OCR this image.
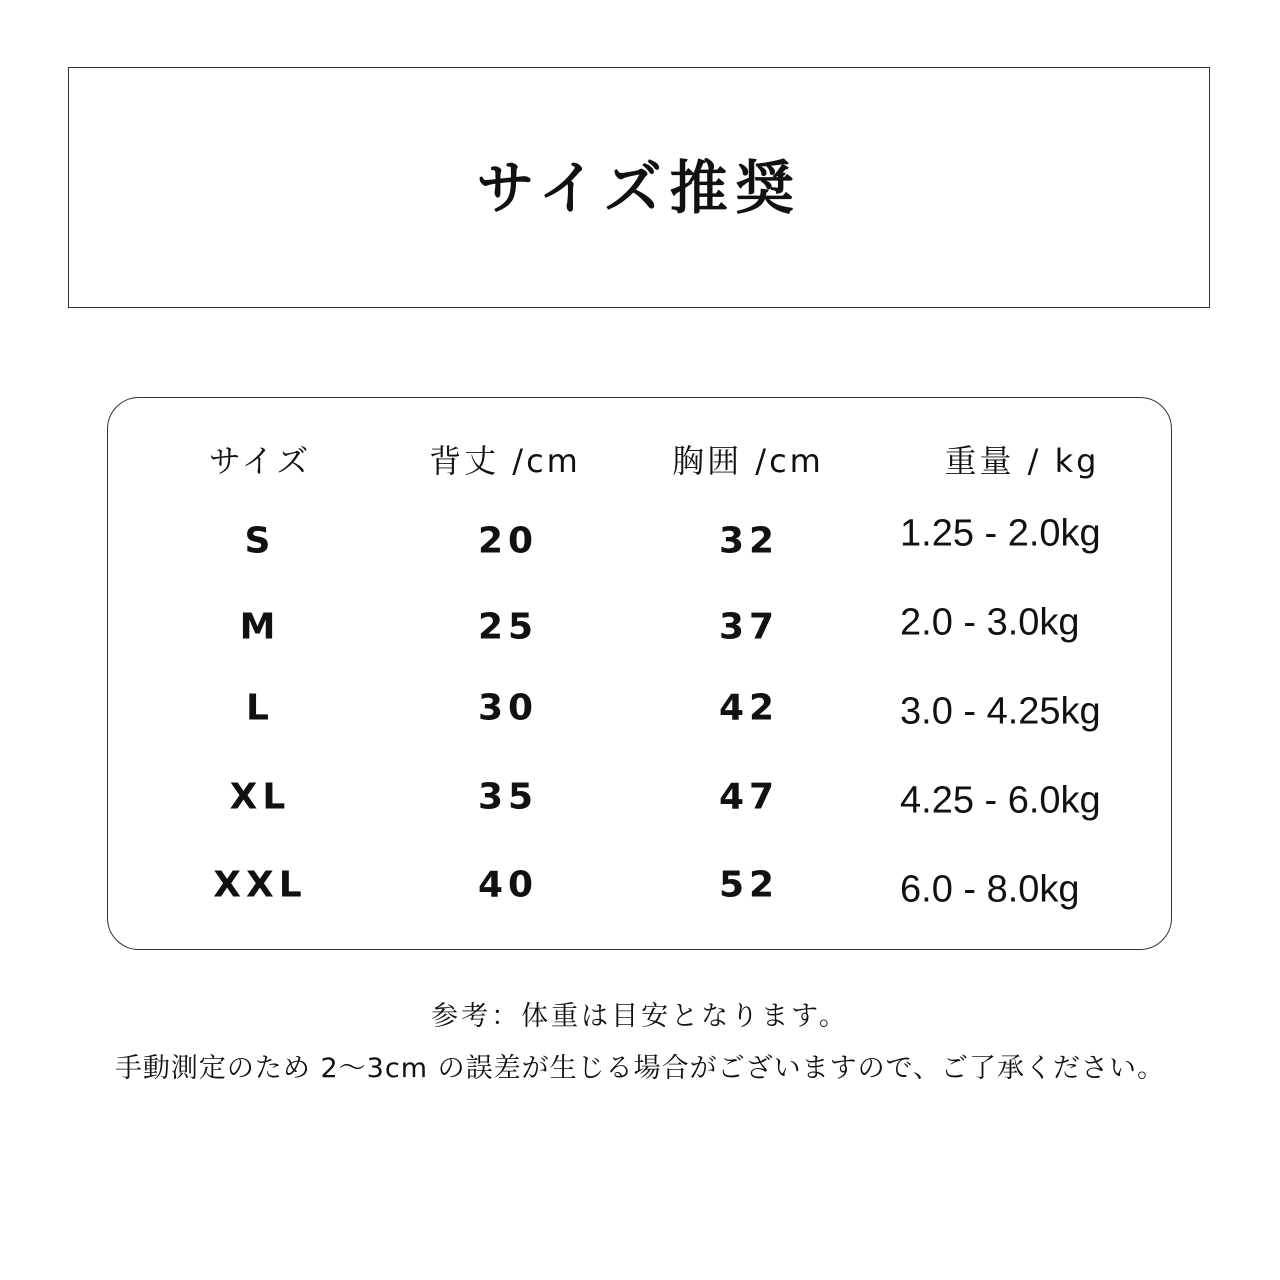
サイズ推奨
サイズ	背丈 /cm	胸囲 /cm	重量 / kg
S	20	32	1.25 - 2.0kg
M	25	37	2.0 - 3.0kg
L	30	42	3.0 - 4.25kg
XL	35	47	4.25 - 6.0kg
XXL	40	52	6.0 - 8.0kg
参考：体重は目安となります。
手動測定のため 2～3cm の誤差が生じる場合がございますので、ご了承ください。
